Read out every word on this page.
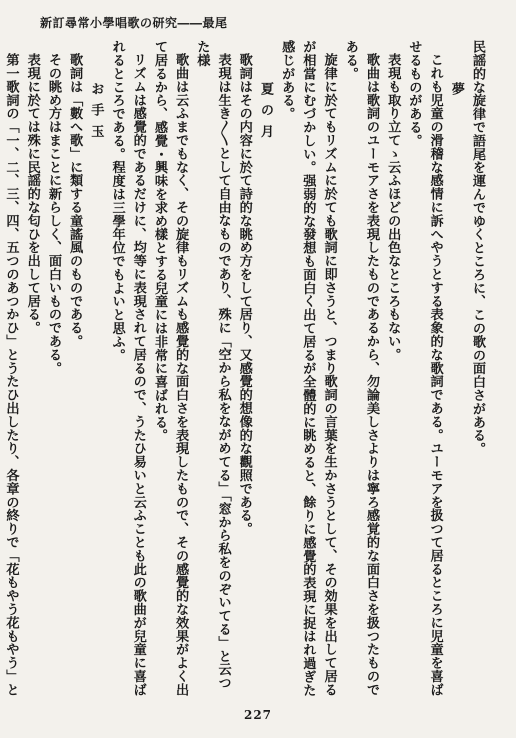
新訂尋常小學唱歌の研究――最尾

民謡的な旋律で語尾を運んでゆくところに、この歌の面白さがある。

夢

これも児童の滑稽な感情に訴へやうとする表象的な歌詞である。ユーモアを扱つて居るところに児童を喜ばせるものがある。

表現も取り立てゝ云ふほどの出色なところもない。

歌曲は歌詞のユーモアさを表現したものであるから、勿論美しさよりは寧ろ感覚的な面白さを扱つたものである。

旋律に於てもリズムに於ても歌詞に即さうと、つまり歌詞の言葉を生かさうとして、その効果を出して居るが相當にむづかしい。强弱的な發想も面白く出て居るが全體的に眺めると、餘りに感覺的表現に捉はれ過ぎた感じがある。

夏の月

歌詞はその内容に於て詩的な眺め方をして居り、又感覺的想像的な觀照である。

表現は生き〳〵として自由なものであり、殊に「空から私をながめてる」「窓から私をのぞいてる」と云つた様

歌曲は云ふまでもなく、その旋律もリズムも感覺的な面白さを表現したもので、その感覺的な效果がよく出て居るから、感覺・興味を求め樣とする兒童には非常に喜ばれる。

リズムは感覺的であるだけに、均等に表現されて居るので、うたひ易いと云ふことも此の歌曲が兒童に喜ばれるところである。程度は三學年位でもよいと思ふ。

お手玉

歌詞は「數へ歌」に類する童謠風のものである。

その眺め方はまことに新らしく、面白いものである。

表現に於ては殊に民謡的な匂ひを出して居る。

第一歌詞の「一、二、三、四、五つのあつかひ」とうたひ出したり、各章の終りで「花もやう花もやう」と

227
